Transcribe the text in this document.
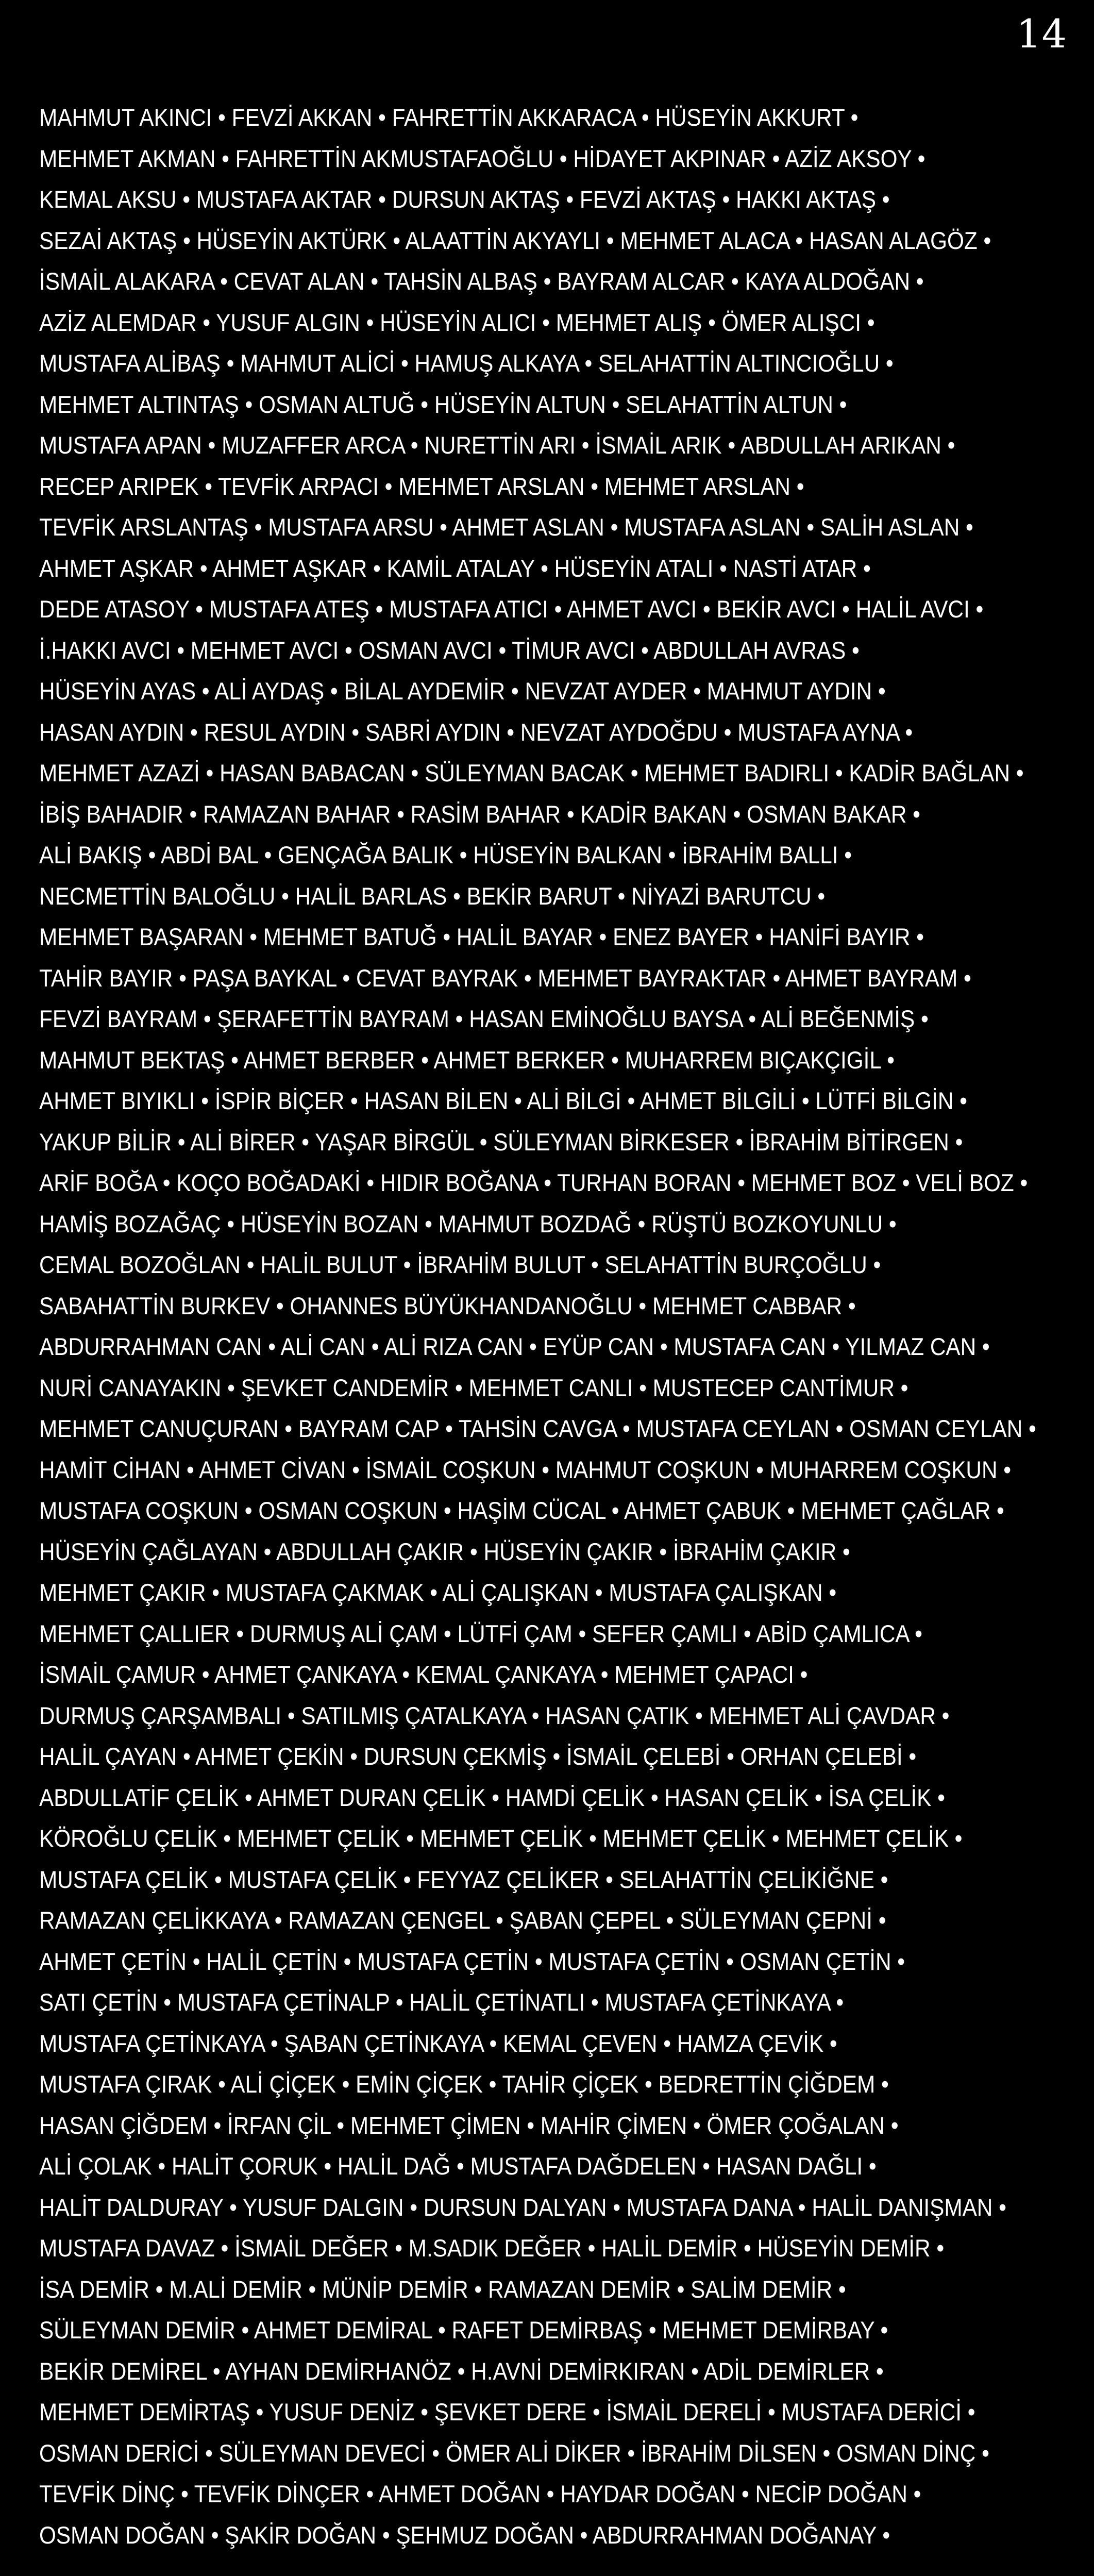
14
MAHMUT AKINCI • FEVZİ AKKAN • FAHRETTİN AKKARACA • HÜSEYİN AKKURT •
MEHMET AKMAN • FAHRETTİN AKMUSTAFAOĞLU • HİDAYET AKPINAR • AZİZ AKSOY •
KEMAL AKSU • MUSTAFA AKTAR • DURSUN AKTAŞ • FEVZİ AKTAŞ • HAKKI AKTAŞ •
SEZAİ AKTAŞ • HÜSEYİN AKTÜRK • ALAATTİN AKYAYLI • MEHMET ALACA • HASAN ALAGÖZ •
İSMAİL ALAKARA • CEVAT ALAN • TAHSİN ALBAŞ • BAYRAM ALCAR • KAYA ALDOĞAN •
AZİZ ALEMDAR • YUSUF ALGIN • HÜSEYİN ALICI • MEHMET ALIŞ • ÖMER ALIŞCI •
MUSTAFA ALİBAŞ • MAHMUT ALİCİ • HAMUŞ ALKAYA • SELAHATTİN ALTINCIOĞLU •
MEHMET ALTINTAŞ • OSMAN ALTUĞ • HÜSEYİN ALTUN • SELAHATTİN ALTUN •
MUSTAFA APAN • MUZAFFER ARCA • NURETTİN ARI • İSMAİL ARIK • ABDULLAH ARIKAN •
RECEP ARIPEK • TEVFİK ARPACI • MEHMET ARSLAN • MEHMET ARSLAN •
TEVFİK ARSLANTAŞ • MUSTAFA ARSU • AHMET ASLAN • MUSTAFA ASLAN • SALİH ASLAN •
AHMET AŞKAR • AHMET AŞKAR • KAMİL ATALAY • HÜSEYİN ATALI • NASTİ ATAR •
DEDE ATASOY • MUSTAFA ATEŞ • MUSTAFA ATICI • AHMET AVCI • BEKİR AVCI • HALİL AVCI •
İ.HAKKI AVCI • MEHMET AVCI • OSMAN AVCI • TİMUR AVCI • ABDULLAH AVRAS •
HÜSEYİN AYAS • ALİ AYDAŞ • BİLAL AYDEMİR • NEVZAT AYDER • MAHMUT AYDIN •
HASAN AYDIN • RESUL AYDIN • SABRİ AYDIN • NEVZAT AYDOĞDU • MUSTAFA AYNA •
MEHMET AZAZİ • HASAN BABACAN • SÜLEYMAN BACAK • MEHMET BADIRLI • KADİR BAĞLAN •
İBİŞ BAHADIR • RAMAZAN BAHAR • RASİM BAHAR • KADİR BAKAN • OSMAN BAKAR •
ALİ BAKIŞ • ABDİ BAL • GENÇAĞA BALIK • HÜSEYİN BALKAN • İBRAHİM BALLI •
NECMETTİN BALOĞLU • HALİL BARLAS • BEKİR BARUT • NİYAZİ BARUTCU •
MEHMET BAŞARAN • MEHMET BATUĞ • HALİL BAYAR • ENEZ BAYER • HANİFİ BAYIR •
TAHİR BAYIR • PAŞA BAYKAL • CEVAT BAYRAK • MEHMET BAYRAKTAR • AHMET BAYRAM •
FEVZİ BAYRAM • ŞERAFETTİN BAYRAM • HASAN EMİNOĞLU BAYSA • ALİ BEĞENMİŞ •
MAHMUT BEKTAŞ • AHMET BERBER • AHMET BERKER • MUHARREM BIÇAKÇIGİL •
AHMET BIYIKLI • İSPİR BİÇER • HASAN BİLEN • ALİ BİLGİ • AHMET BİLGİLİ • LÜTFİ BİLGİN •
YAKUP BİLİR • ALİ BİRER • YAŞAR BİRGÜL • SÜLEYMAN BİRKESER • İBRAHİM BİTİRGEN •
ARİF BOĞA • KOÇO BOĞADAKİ • HIDIR BOĞANA • TURHAN BORAN • MEHMET BOZ • VELİ BOZ •
HAMİŞ BOZAĞAÇ • HÜSEYİN BOZAN • MAHMUT BOZDAĞ • RÜŞTÜ BOZKOYUNLU •
CEMAL BOZOĞLAN • HALİL BULUT • İBRAHİM BULUT • SELAHATTİN BURÇOĞLU •
SABAHATTİN BURKEV • OHANNES BÜYÜKHANDANOĞLU • MEHMET CABBAR •
ABDURRAHMAN CAN • ALİ CAN • ALİ RIZA CAN • EYÜP CAN • MUSTAFA CAN • YILMAZ CAN •
NURİ CANAYAKIN • ŞEVKET CANDEMİR • MEHMET CANLI • MUSTECEP CANTİMUR •
MEHMET CANUÇURAN • BAYRAM CAP • TAHSİN CAVGA • MUSTAFA CEYLAN • OSMAN CEYLAN •
HAMİT CİHAN • AHMET CİVAN • İSMAİL COŞKUN • MAHMUT COŞKUN • MUHARREM COŞKUN •
MUSTAFA COŞKUN • OSMAN COŞKUN • HAŞİM CÜCAL • AHMET ÇABUK • MEHMET ÇAĞLAR •
HÜSEYİN ÇAĞLAYAN • ABDULLAH ÇAKIR • HÜSEYİN ÇAKIR • İBRAHİM ÇAKIR •
MEHMET ÇAKIR • MUSTAFA ÇAKMAK • ALİ ÇALIŞKAN • MUSTAFA ÇALIŞKAN •
MEHMET ÇALLIER • DURMUŞ ALİ ÇAM • LÜTFİ ÇAM • SEFER ÇAMLI • ABİD ÇAMLICA •
İSMAİL ÇAMUR • AHMET ÇANKAYA • KEMAL ÇANKAYA • MEHMET ÇAPACI •
DURMUŞ ÇARŞAMBALI • SATILMIŞ ÇATALKAYA • HASAN ÇATIK • MEHMET ALİ ÇAVDAR •
HALİL ÇAYAN • AHMET ÇEKİN • DURSUN ÇEKMİŞ • İSMAİL ÇELEBİ • ORHAN ÇELEBİ •
ABDULLATİF ÇELİK • AHMET DURAN ÇELİK • HAMDİ ÇELİK • HASAN ÇELİK • İSA ÇELİK •
KÖROĞLU ÇELİK • MEHMET ÇELİK • MEHMET ÇELİK • MEHMET ÇELİK • MEHMET ÇELİK •
MUSTAFA ÇELİK • MUSTAFA ÇELİK • FEYYAZ ÇELİKER • SELAHATTİN ÇELİKİĞNE •
RAMAZAN ÇELİKKAYA • RAMAZAN ÇENGEL • ŞABAN ÇEPEL • SÜLEYMAN ÇEPNİ •
AHMET ÇETİN • HALİL ÇETİN • MUSTAFA ÇETİN • MUSTAFA ÇETİN • OSMAN ÇETİN •
SATI ÇETİN • MUSTAFA ÇETİNALP • HALİL ÇETİNATLI • MUSTAFA ÇETİNKAYA •
MUSTAFA ÇETİNKAYA • ŞABAN ÇETİNKAYA • KEMAL ÇEVEN • HAMZA ÇEVİK •
MUSTAFA ÇIRAK • ALİ ÇİÇEK • EMİN ÇİÇEK • TAHİR ÇİÇEK • BEDRETTİN ÇİĞDEM •
HASAN ÇİĞDEM • İRFAN ÇİL • MEHMET ÇİMEN • MAHİR ÇİMEN • ÖMER ÇOĞALAN •
ALİ ÇOLAK • HALİT ÇORUK • HALİL DAĞ • MUSTAFA DAĞDELEN • HASAN DAĞLI •
HALİT DALDURAY • YUSUF DALGIN • DURSUN DALYAN • MUSTAFA DANA • HALİL DANIŞMAN •
MUSTAFA DAVAZ • İSMAİL DEĞER • M.SADIK DEĞER • HALİL DEMİR • HÜSEYİN DEMİR •
İSA DEMİR • M.ALİ DEMİR • MÜNİP DEMİR • RAMAZAN DEMİR • SALİM DEMİR •
SÜLEYMAN DEMİR • AHMET DEMİRAL • RAFET DEMİRBAŞ • MEHMET DEMİRBAY •
BEKİR DEMİREL • AYHAN DEMİRHANÖZ • H.AVNİ DEMİRKIRAN • ADİL DEMİRLER •
MEHMET DEMİRTAŞ • YUSUF DENİZ • ŞEVKET DERE • İSMAİL DERELİ • MUSTAFA DERİCİ •
OSMAN DERİCİ • SÜLEYMAN DEVECİ • ÖMER ALİ DİKER • İBRAHİM DİLSEN • OSMAN DİNÇ •
TEVFİK DİNÇ • TEVFİK DİNÇER • AHMET DOĞAN • HAYDAR DOĞAN • NECİP DOĞAN •
OSMAN DOĞAN • ŞAKİR DOĞAN • ŞEHMUZ DOĞAN • ABDURRAHMAN DOĞANAY •
